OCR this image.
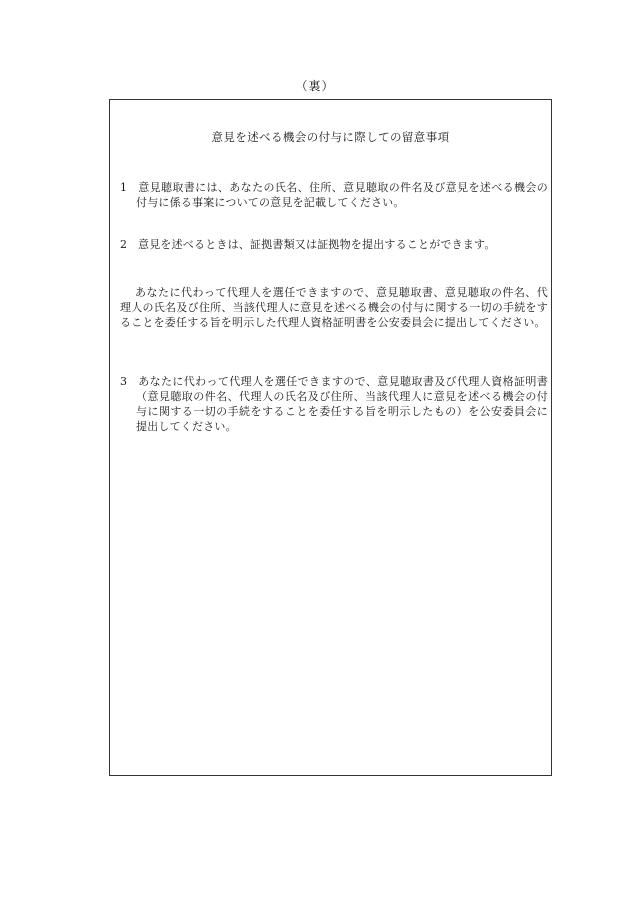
（裏）
意見を述べる機会の付与に際しての留意事項
1 意見聴取書には、あなたの氏名、住所、意見聴取の件名及び意見を述べる機会の付与に係る事案についての意見を記載してください。
2 意見を述べるときは、証拠書類又は証拠物を提出することができます。
あなたに代わって代理人を選任できますので、意見聴取書、意見聴取の件名、代理人の氏名及び住所、当該代理人に意見を述べる機会の付与に関する一切の手続をすることを委任する旨を明示した代理人資格証明書を公安委員会に提出してください。
3 あなたに代わって代理人を選任できますので、意見聴取書及び代理人資格証明書（意見聴取の件名、代理人の氏名及び住所、当該代理人に意見を述べる機会の付与に関する一切の手続をすることを委任する旨を明示したもの）を公安委員会に提出してください。
